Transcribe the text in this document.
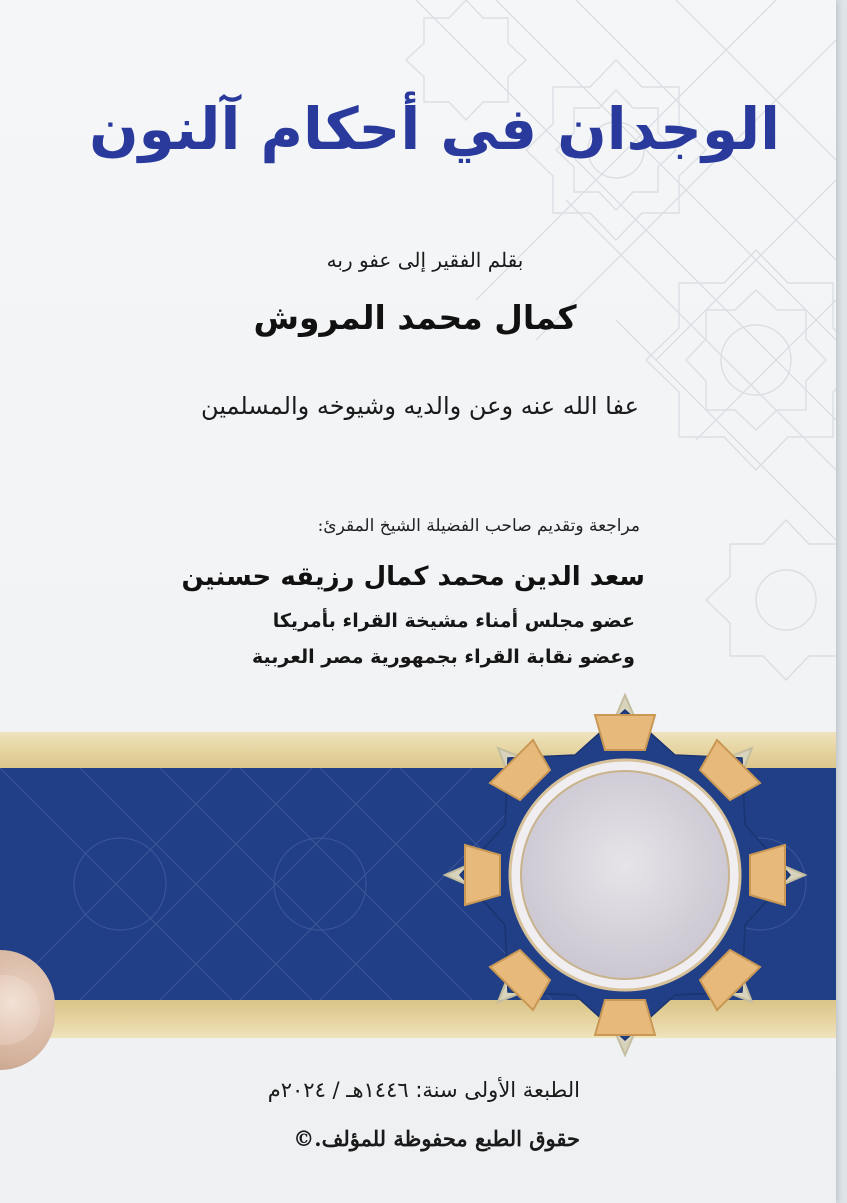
الوجدان في أحكام آلنون
بقلم الفقير إلى عفو ربه
كمال محمد المروش
عفا الله عنه وعن والديه وشيوخه والمسلمين
مراجعة وتقديم صاحب الفضيلة الشيخ المقرئ:
سعد الدين محمد كمال رزيقه حسنين
عضو مجلس أمناء مشيخة القراء بأمريكا
وعضو نقابة القراء بجمهورية مصر العربية
الطبعة الأولى سنة: ١٤٤٦هـ / ٢٠٢٤م
حقوق الطبع محفوظة للمؤلف.©
